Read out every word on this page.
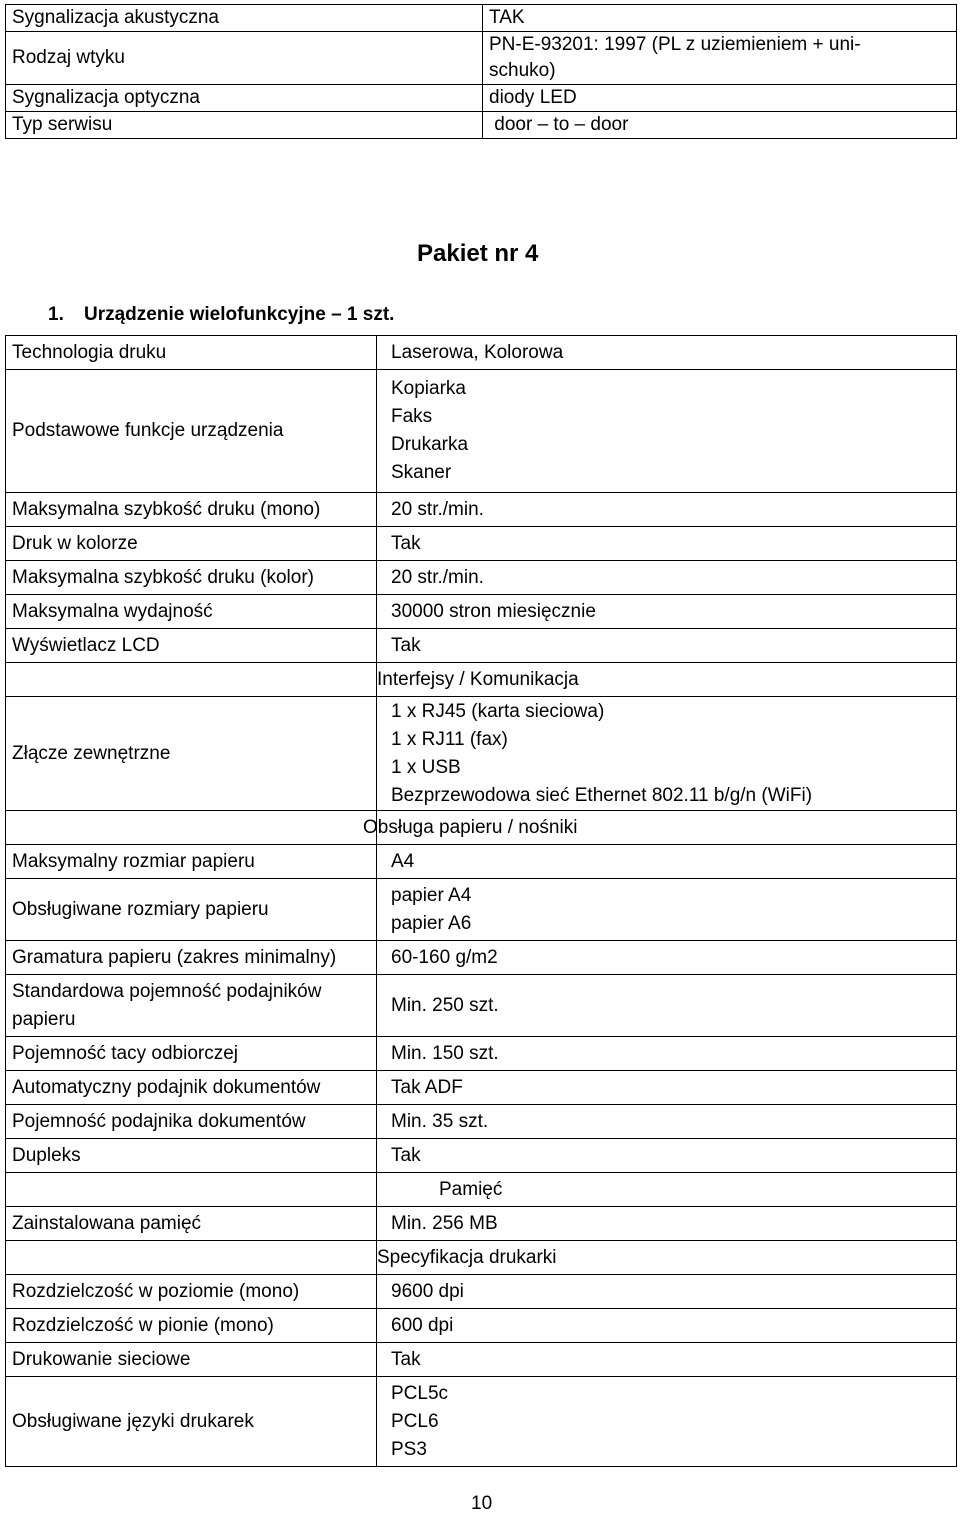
Sygnalizacja akustyczna	TAK
Rodzaj wtyku	PN-E-93201: 1997 (PL z uziemieniem + uni-
schuko)

Sygnalizacja optyczna	diody LED
Typ serwisu	door – to – door
Pakiet nr 4
1. Urządzenie wielofunkcyjne – 1 szt.
Technologia druku	Laserowa, Kolorowa
Podstawowe funkcje urządzenia	Kopiarka
Faks
Drukarka
Skaner

Maksymalna szybkość druku (mono)	20 str./min.
Druk w kolorze	Tak
Maksymalna szybkość druku (kolor)	20 str./min.
Maksymalna wydajność	30000 stron miesięcznie
Wyświetlacz LCD	Tak
	Interfejsy / Komunikacja
Złącze zewnętrzne	1 x RJ45 (karta sieciowa)
1 x RJ11 (fax)
1 x USB
Bezprzewodowa sieć Ethernet 802.11 b/g/n (WiFi)

	Obsługa papieru / nośniki
Maksymalny rozmiar papieru	A4
Obsługiwane rozmiary papieru	papier A4
papier A6

Gramatura papieru (zakres minimalny)	60-160 g/m2
Standardowa pojemność podajników papieru	Min. 250 szt.
Pojemność tacy odbiorczej	Min. 150 szt.
Automatyczny podajnik dokumentów	Tak ADF
Pojemność podajnika dokumentów	Min. 35 szt.
Dupleks	Tak
	Pamięć
Zainstalowana pamięć	Min. 256 MB
	Specyfikacja drukarki
Rozdzielczość w poziomie (mono)	9600 dpi
Rozdzielczość w pionie (mono)	600 dpi
Drukowanie sieciowe	Tak
Obsługiwane języki drukarek	PCL5c
PCL6
PS3
10
